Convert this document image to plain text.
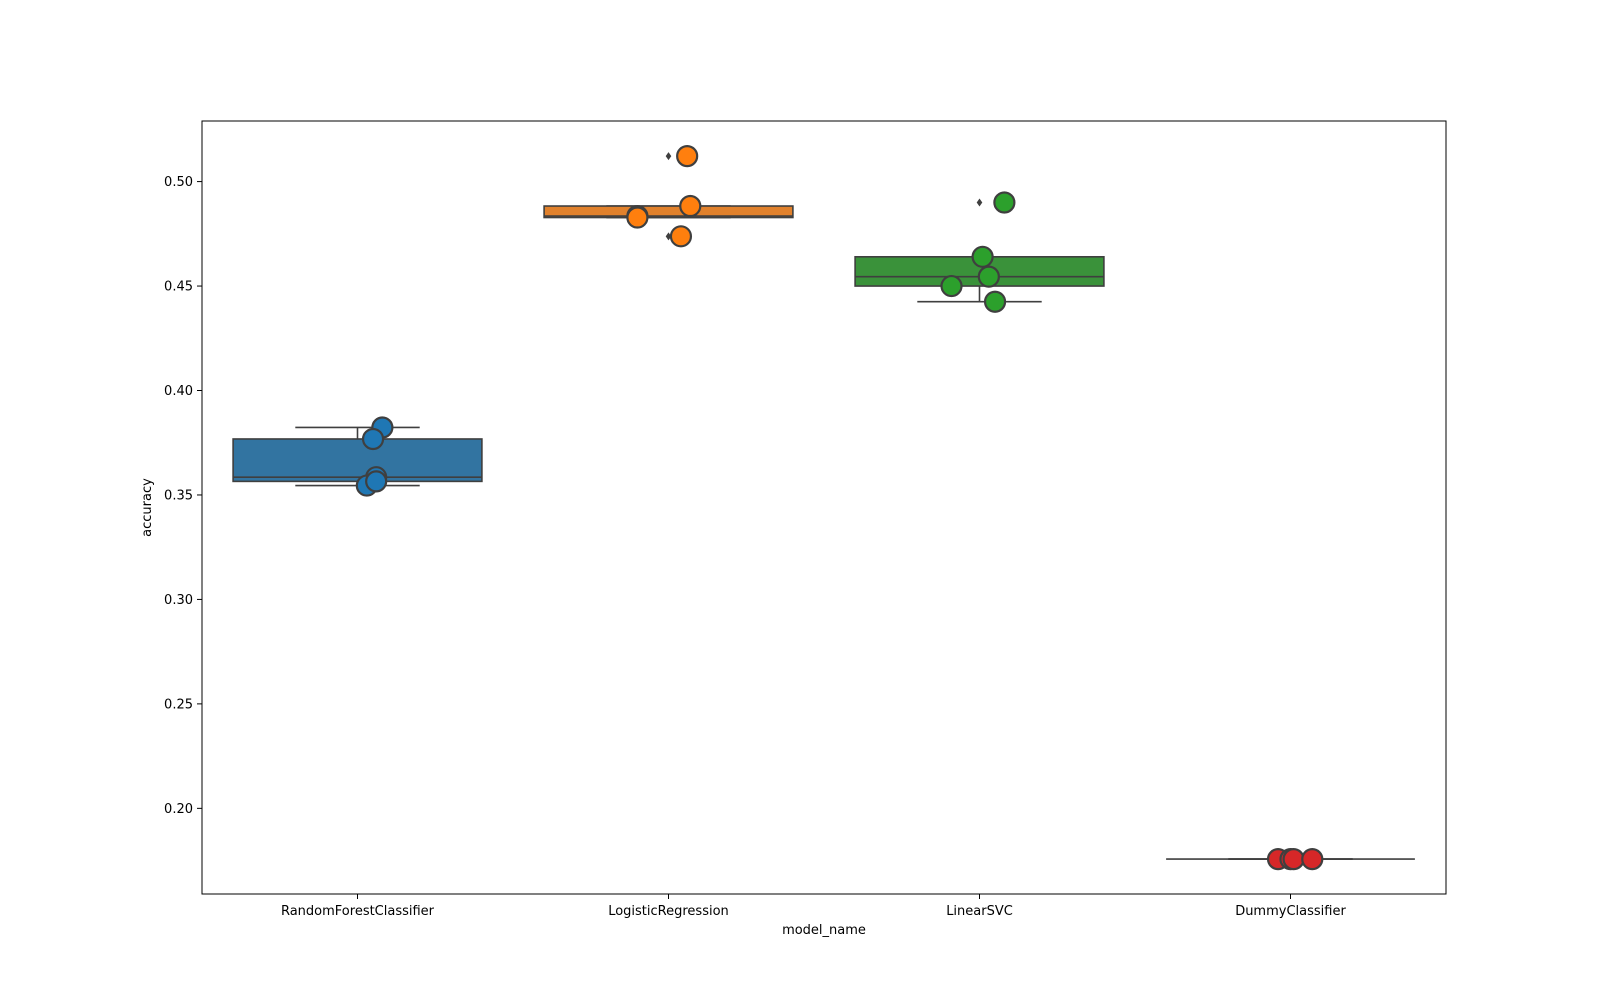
0.20
0.25
0.30
0.35
0.40
0.45
0.50
RandomForestClassifier	LogisticRegression	LinearSVC	DummyClassifier
model_name
accuracy
